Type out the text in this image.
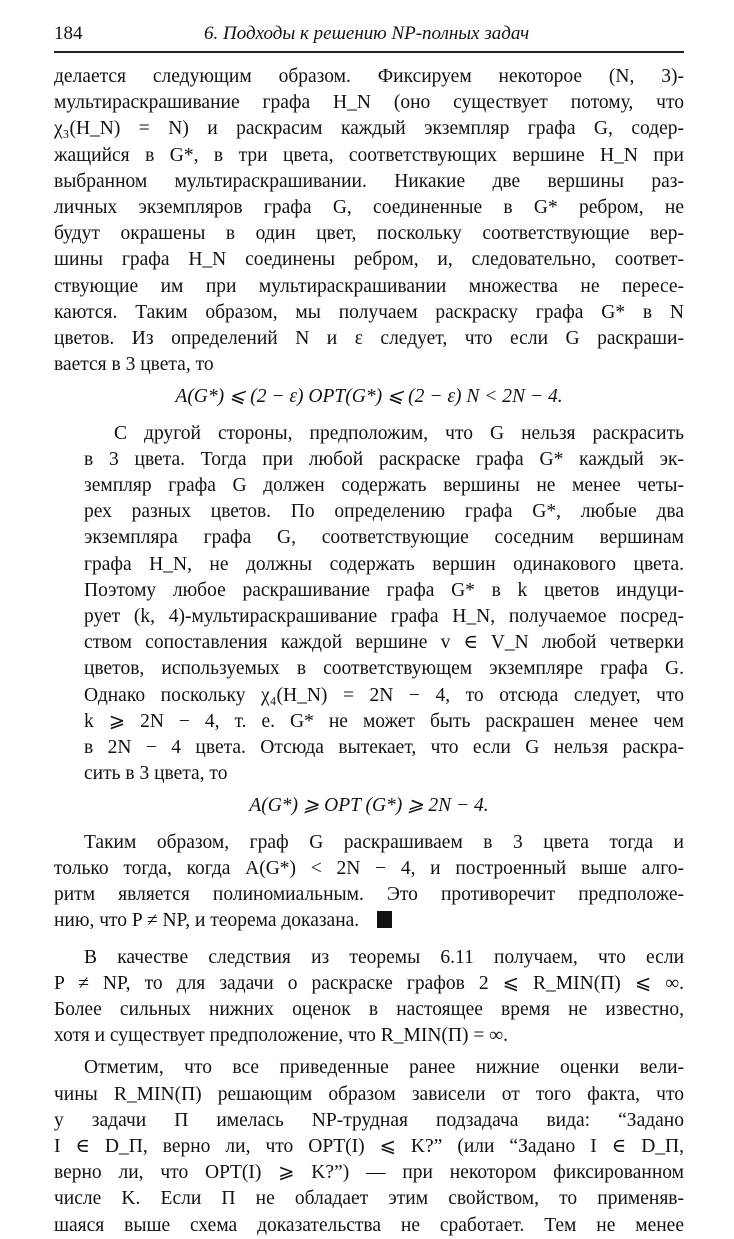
184	6. Подходы к решению NP-полных задач

делается следующим образом. Фиксируем некоторое (N, 3)-
мультираскрашивание графа H_N (оно существует потому, что
χ₃(H_N) = N) и раскрасим каждый экземпляр графа G, содер-
жащийся в G*, в три цвета, соответствующих вершине H_N при
выбранном мультираскрашивании. Никакие две вершины раз-
личных экземпляров графа G, соединенные в G* ребром, не
будут окрашены в один цвет, поскольку соответствующие вер-
шины графа H_N соединены ребром, и, следовательно, соответ-
ствующие им при мультираскрашивании множества не пересе-
каются. Таким образом, мы получаем раскраску графа G* в N
цветов. Из определений N и ε следует, что если G раскраши-
вается в 3 цвета, то

A(G*) ⩽ (2 − ε) OPT(G*) ⩽ (2 − ε) N < 2N − 4.

С другой стороны, предположим, что G нельзя раскрасить
в 3 цвета. Тогда при любой раскраске графа G* каждый эк-
земпляр графа G должен содержать вершины не менее четы-
рех разных цветов. По определению графа G*, любые два
экземпляра графа G, соответствующие соседним вершинам
графа H_N, не должны содержать вершин одинакового цвета.
Поэтому любое раскрашивание графа G* в k цветов индуци-
рует (k, 4)-мультираскрашивание графа H_N, получаемое посред-
ством сопоставления каждой вершине v ∈ V_N любой четверки
цветов, используемых в соответствующем экземпляре графа G.
Однако поскольку χ₄(H_N) = 2N − 4, то отсюда следует, что
k ⩾ 2N − 4, т. е. G* не может быть раскрашен менее чем
в 2N − 4 цвета. Отсюда вытекает, что если G нельзя раскра-
сить в 3 цвета, то

A(G*) ⩾ OPT (G*) ⩾ 2N − 4.

Таким образом, граф G раскрашиваем в 3 цвета тогда и
только тогда, когда A(G*) < 2N − 4, и построенный выше алго-
ритм является полиномиальным. Это противоречит предположе-
нию, что P ≠ NP, и теорема доказана.

В качестве следствия из теоремы 6.11 получаем, что если
P ≠ NP, то для задачи о раскраске графов 2 ⩽ R_MIN(Π) ⩽ ∞.
Более сильных нижних оценок в настоящее время не известно,
хотя и существует предположение, что R_MIN(Π) = ∞.

Отметим, что все приведенные ранее нижние оценки вели-
чины R_MIN(Π) решающим образом зависели от того факта, что
у задачи Π имелась NP-трудная подзадача вида: “Задано
I ∈ D_Π, верно ли, что OPT(I) ⩽ K?” (или “Задано I ∈ D_Π,
верно ли, что OPT(I) ⩾ K?”) — при некотором фиксированном
числе K. Если Π не обладает этим свойством, то применяв-
шаяся выше схема доказательства не сработает. Тем не менее
